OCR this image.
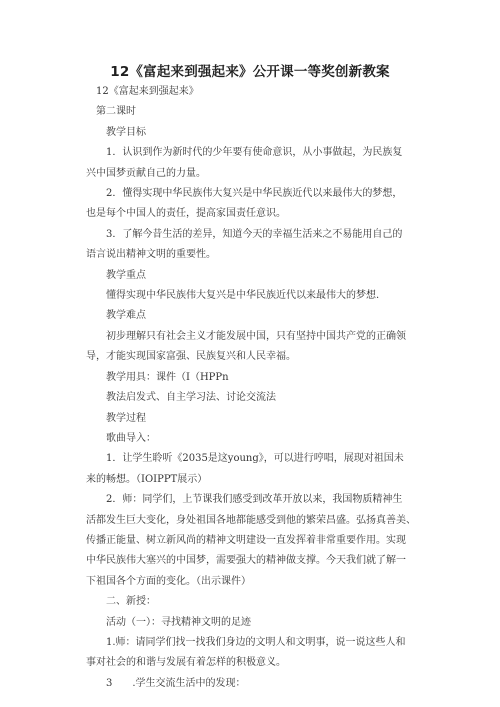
12《富起来到强起来》公开课一等奖创新教案
12《富起来到强起来》
第二课时
教学目标
1．认识到作为新时代的少年要有使命意识，从小事做起，为民族复
兴中国梦贡献自己的力量。
2．懂得实现中华民族伟大复兴是中华民族近代以来最伟大的梦想，
也是每个中国人的责任，提高家国责任意识。
3．了解今昔生活的差异，知道今天的幸福生活来之不易能用自己的
语言说出精神文明的重要性。
教学重点
懂得实现中华民族伟大复兴是中华民族近代以来最伟大的梦想.
教学难点
初步理解只有社会主义才能发展中国，只有坚持中国共产党的正确领
导，才能实现国家富强、民族复兴和人民幸福。
教学用具：课件（I（HPPn
教法启发式、自主学习法、讨论交流法
教学过程
歌曲导入：
1．让学生聆听《2035是这young》，可以进行哼唱，展现对祖国未
来的畅想。（IOIPPT展示）
2．师：同学们，上节课我们感受到改革开放以来，我国物质精神生
活都发生巨大变化，身处祖国各地都能感受到他的繁荣昌盛。弘扬真善美、
传播正能量、树立新风尚的精神文明建设一直发挥着非常重要作用。实现
中华民族伟大塞兴的中国梦，需要强大的精神做支撑。今天我们就了解一
下祖国各个方面的变化。（出示课件）
二、新授：
活动（一）：寻找精神文明的足迹
1.师：请同学们找一找我们身边的文明人和文明事，说一说这些人和
事对社会的和谐与发展有着怎样的积极意义。
3　　.学生交流生活中的发现：
